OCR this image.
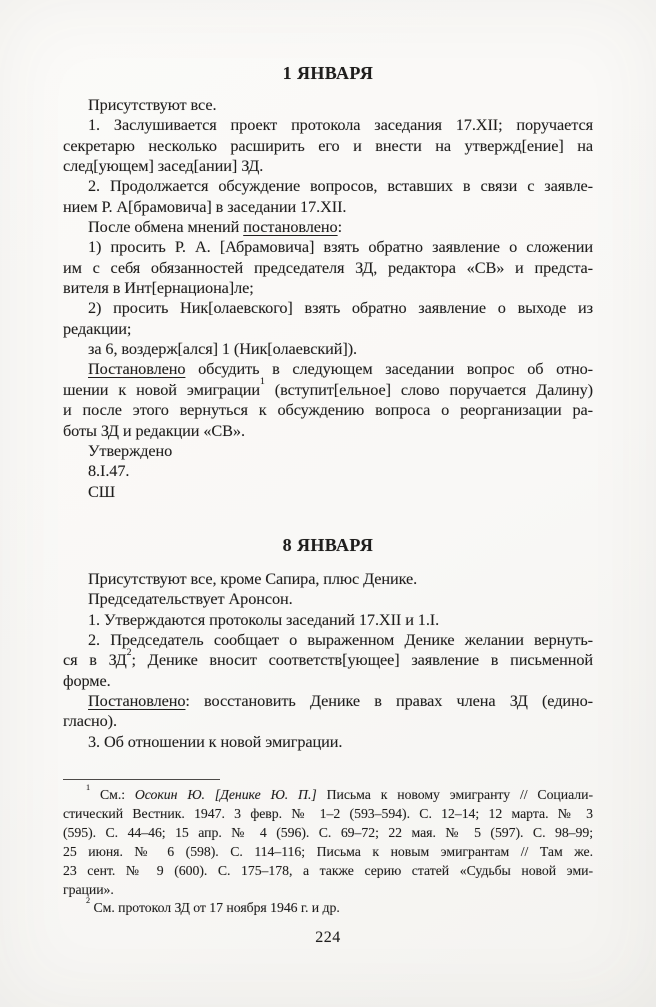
1 ЯНВАРЯ
Присутствуют все.
1. Заслушивается проект протокола заседания 17.XII; поручается
секретарю несколько расширить его и внести на утвержд[ение] на
след[ующем] засед[ании] ЗД.
2. Продолжается обсуждение вопросов, вставших в связи с заявле-
нием Р. А[брамовича] в заседании 17.XII.
После обмена мнений постановлено:
1) просить Р. А. [Абрамовича] взять обратно заявление о сложении
им с себя обязанностей председателя ЗД, редактора «СВ» и предста-
вителя в Инт[ернациона]ле;
2) просить Ник[олаевского] взять обратно заявление о выходе из
редакции;
за 6, воздерж[ался] 1 (Ник[олаевский]).
Постановлено обсудить в следующем заседании вопрос об отно-
шении к новой эмиграции$^1$ (вступит[ельное] слово поручается Далину)
и после этого вернуться к обсуждению вопроса о реорганизации ра-
боты ЗД и редакции «СВ».
Утверждено
8.I.47.
СШ
8 ЯНВАРЯ
Присутствуют все, кроме Сапира, плюс Денике.
Председательствует Аронсон.
1. Утверждаются протоколы заседаний 17.XII и 1.I.
2. Председатель сообщает о выраженном Денике желании вернуть-
ся в $ЗД^2$; Денике вносит соответств[ующее] заявление в письменной
форме.
Постановлено: восстановить Денике в правах члена ЗД (едино-
гласно).
3. Об отношении к новой эмиграции.
$^1$ См.: Осокин Ю. [Денике Ю. П.] Письма к новому эмигранту // Социали-
стический Вестник. 1947. 3 февр. № 1–2 (593–594). С. 12–14; 12 марта. № 3
(595). С. 44–46; 15 апр. № 4 (596). С. 69–72; 22 мая. № 5 (597). С. 98–99;
25 июня. № 6 (598). С. 114–116; Письма к новым эмигрантам // Там же.
23 сент. № 9 (600). С. 175–178, а также серию статей «Судьбы новой эми-
грации».
$^2$ См. протокол ЗД от 17 ноября 1946 г. и др.
224
